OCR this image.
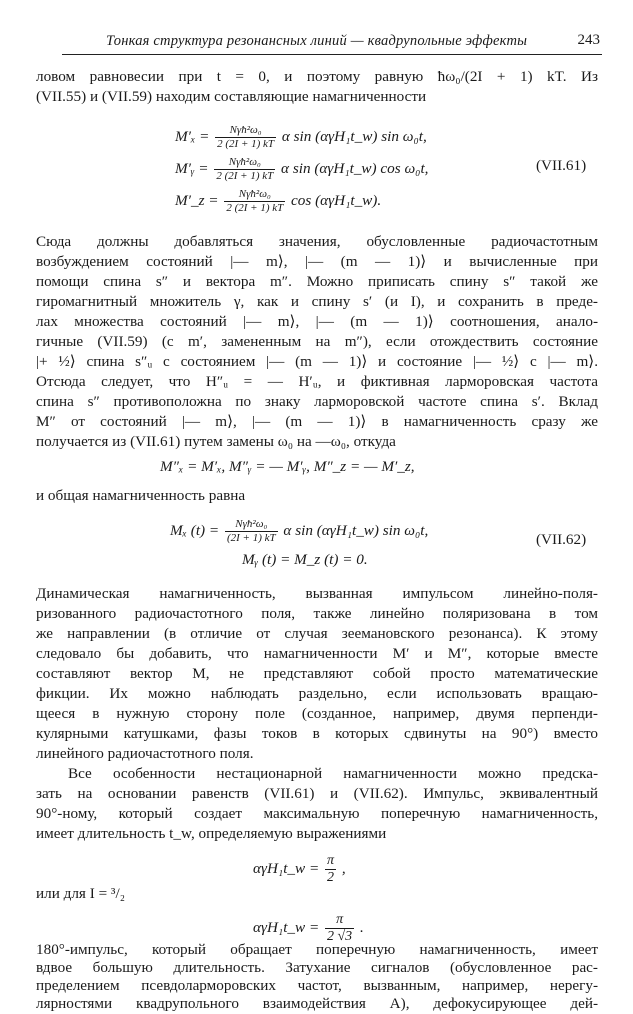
Тонкая структура резонансных линий — квадрупольные эффекты	243
ловом равновесии при t = 0, и поэтому равную ħω₀/(2I + 1) kT. Из
(VII.55) и (VII.59) находим составляющие намагниченности
$M'_x = \frac{\text{Nγħ²ω₀}}{2 (2I + 1) kT}$ α sin (αγH₁t_w) sin ω₀t,
M′ᵧ = $\frac{\text{Nγħ²ω₀}}{2 (2I + 1) kT}$ α sin (αγH₁t_w) cos ω₀t,	(VII.61)
M′_z = $\frac{\text{Nγħ²ω₀}}{2 (2I + 1) kT}$ cos (αγH₁t_w).
Сюда должны добавляться значения, обусловленные радиочастотным
возбуждением состояний |— m⟩, |— (m — 1)⟩ и вычисленные при
помощи спина s″ и вектора m″. Можно приписать спину s″ такой же
гиромагнитный множитель γ, как и спину s′ (и I), и сохранить в преде-
лах множества состояний |— m⟩, |— (m — 1)⟩ соотношения, анало-
гичные (VII.59) (с m′, замененным на m″), если отождествить состояние
|+ ½⟩ спина s″ᵤ с состоянием |— (m — 1)⟩ и состояние |— ½⟩ с |— m⟩.
Отсюда следует, что H″ᵤ = — H′ᵤ, и фиктивная ларморовская частота
спина s″ противоположна по знаку ларморовской частоте спина s′. Вклад
M″ от состояний |— m⟩, |— (m — 1)⟩ в намагниченность сразу же
получается из (VII.61) путем замены ω₀ на —ω₀, откуда
M″ₓ = M′ₓ, M″ᵧ = — M′ᵧ, M″_z = — M′_z,
и общая намагниченность равна
Mₓ $(t) = \frac{\text{Nγħ²ω₀}}{(2I + 1) kT}$ α sin (αγH₁t_w) sin ω₀t,
(VII.62)
Mᵧ (t) = M_z (t) = 0.
Динамическая намагниченность, вызванная импульсом линейно-поля-
ризованного радиочастотного поля, также линейно поляризована в том
же направлении (в отличие от случая зеемановского резонанса). К этому
следовало бы добавить, что намагниченности M′ и M″, которые вместе
составляют вектор M, не представляют собой просто математические
фикции. Их можно наблюдать раздельно, если использовать вращаю-
щееся в нужную сторону поле (созданное, например, двумя перпенди-
кулярными катушками, фазы токов в которых сдвинуты на 90°) вместо
линейного радиочастотного поля.
Все особенности нестационарной намагниченности можно предска-
зать на основании равенств (VII.61) и (VII.62). Импульс, эквивалентный
90°-ному, который создает максимальную поперечную намагниченность,
имеет длительность t_w, определяемую выражениями
αγH₁t_w = $\frac{\pi}{2}$ ,
или для I = ³/₂
αγH₁t_w = $\frac{\pi}{2 √3}$ .
180°-импульс, который обращает поперечную намагниченность, имеет
вдвое большую длительность. Затухание сигналов (обусловленное рас-
пределением псевдоларморовских частот, вызванным, например, нерегу-
лярностями квадрупольного взаимодействия A), дефокусирующее дей-
